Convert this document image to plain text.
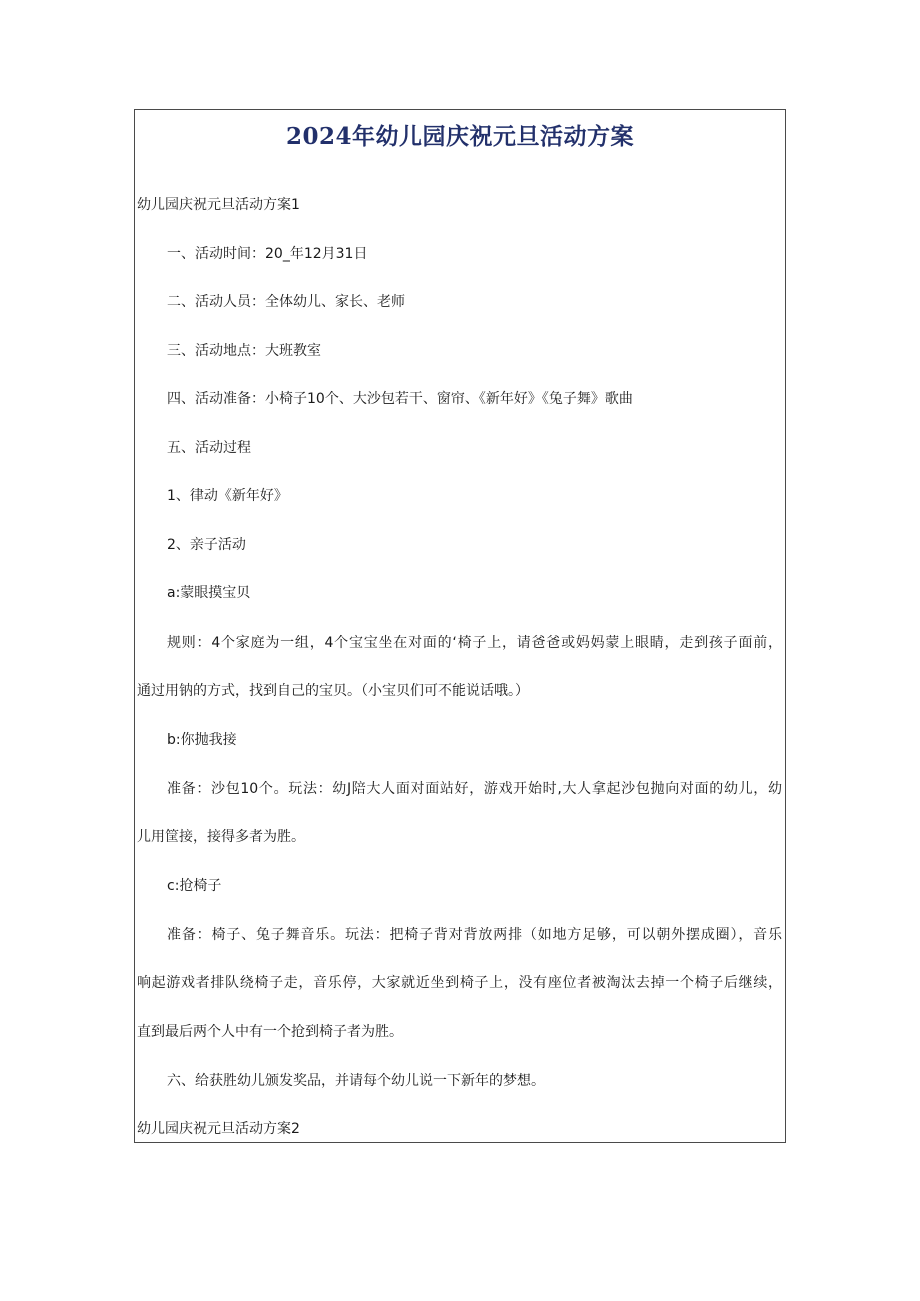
2024年幼儿园庆祝元旦活动方案

幼儿园庆祝元旦活动方案1

一、活动时间：20_年12月31日

二、活动人员：全体幼儿、家长、老师

三、活动地点：大班教室

四、活动准备：小椅子10个、大沙包若干、窗帘、《新年好》《兔子舞》歌曲

五、活动过程

1、律动《新年好》

2、亲子活动

a:蒙眼摸宝贝

规则：4个家庭为一组，4个宝宝坐在对面的‘椅子上，请爸爸或妈妈蒙上眼睛，走到孩子面前，

通过用钠的方式，找到自己的宝贝。（小宝贝们可不能说话哦。）

b:你抛我接

准备：沙包10个。玩法：幼J陪大人面对面站好，游戏开始时,大人拿起沙包抛向对面的幼儿，幼

儿用筐接，接得多者为胜。

c:抢椅子

准备：椅子、兔子舞音乐。玩法：把椅子背对背放两排（如地方足够，可以朝外摆成圈），音乐

响起游戏者排队绕椅子走，音乐停，大家就近坐到椅子上，没有座位者被淘汰去掉一个椅子后继续，

直到最后两个人中有一个抢到椅子者为胜。

六、给获胜幼儿颁发奖品，并请每个幼儿说一下新年的梦想。

幼儿园庆祝元旦活动方案2
